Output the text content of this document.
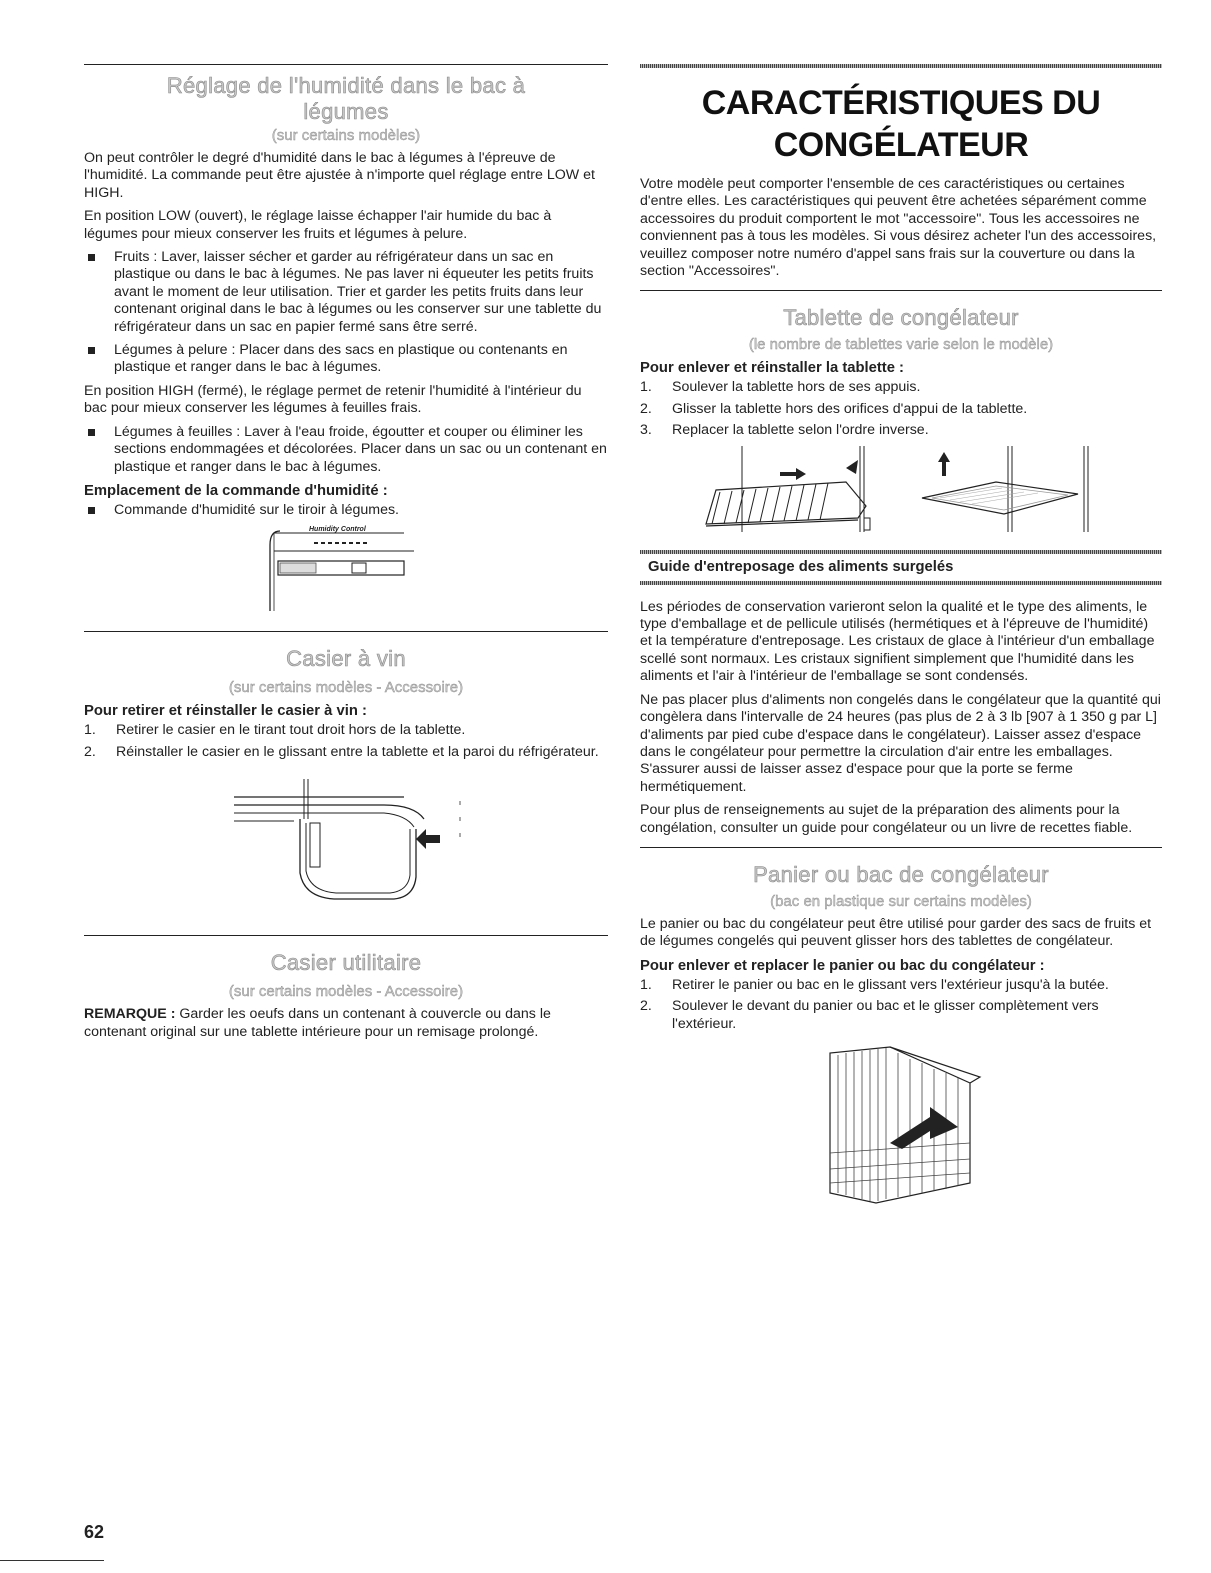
Réglage de l'humidité dans le bac à légumes
(sur certains modèles)

On peut contrôler le degré d'humidité dans le bac à légumes à l'épreuve de l'humidité. La commande peut être ajustée à n'importe quel réglage entre LOW et HIGH.

En position LOW (ouvert), le réglage laisse échapper l'air humide du bac à légumes pour mieux conserver les fruits et légumes à pelure.

Fruits : Laver, laisser sécher et garder au réfrigérateur dans un sac en plastique ou dans le bac à légumes. Ne pas laver ni équeuter les petits fruits avant le moment de leur utilisation. Trier et garder les petits fruits dans leur contenant original dans le bac à légumes ou les conserver sur une tablette du réfrigérateur dans un sac en papier fermé sans être serré.
Légumes à pelure : Placer dans des sacs en plastique ou contenants en plastique et ranger dans le bac à légumes.

En position HIGH (fermé), le réglage permet de retenir l'humidité à l'intérieur du bac pour mieux conserver les légumes à feuilles frais.

Légumes à feuilles : Laver à l'eau froide, égoutter et couper ou éliminer les sections endommagées et décolorées. Placer dans un sac ou un contenant en plastique et ranger dans le bac à légumes.
Emplacement de la commande d'humidité :
Commande d'humidité sur le tiroir à légumes.
Humidity Control
Casier à vin
(sur certains modèles - Accessoire)
Pour retirer et réinstaller le casier à vin :
1. Retirer le casier en le tirant tout droit hors de la tablette.
2. Réinstaller le casier en le glissant entre la tablette et la paroi du réfrigérateur.
Casier utilitaire
(sur certains modèles - Accessoire)

REMARQUE : Garder les oeufs dans un contenant à couvercle ou dans le contenant original sur une tablette intérieure pour un remisage prolongé.

CARACTÉRISTIQUES DU
CONGÉLATEUR

Votre modèle peut comporter l'ensemble de ces caractéristiques ou certaines d'entre elles. Les caractéristiques qui peuvent être achetées séparément comme accessoires du produit comportent le mot "accessoire". Tous les accessoires ne conviennent pas à tous les modèles. Si vous désirez acheter l'un des accessoires, veuillez composer notre numéro d'appel sans frais sur la couverture ou dans la section "Accessoires".

Tablette de congélateur
(le nombre de tablettes varie selon le modèle)
Pour enlever et réinstaller la tablette :
1. Soulever la tablette hors de ses appuis.
2. Glisser la tablette hors des orifices d'appui de la tablette.
3. Replacer la tablette selon l'ordre inverse.
Guide d'entreposage des aliments surgelés

Les périodes de conservation varieront selon la qualité et le type des aliments, le type d'emballage et de pellicule utilisés (hermétiques et à l'épreuve de l'humidité) et la température d'entreposage. Les cristaux de glace à l'intérieur d'un emballage scellé sont normaux. Les cristaux signifient simplement que l'humidité dans les aliments et l'air à l'intérieur de l'emballage se sont condensés.

Ne pas placer plus d'aliments non congelés dans le congélateur que la quantité qui congèlera dans l'intervalle de 24 heures (pas plus de 2 à 3 lb [907 à 1 350 g par L] d'aliments par pied cube d'espace dans le congélateur). Laisser assez d'espace dans le congélateur pour permettre la circulation d'air entre les emballages. S'assurer aussi de laisser assez d'espace pour que la porte se ferme hermétiquement.

Pour plus de renseignements au sujet de la préparation des aliments pour la congélation, consulter un guide pour congélateur ou un livre de recettes fiable.

Panier ou bac de congélateur
(bac en plastique sur certains modèles)

Le panier ou bac du congélateur peut être utilisé pour garder des sacs de fruits et de légumes congelés qui peuvent glisser hors des tablettes de congélateur.

Pour enlever et replacer le panier ou bac du congélateur :
1. Retirer le panier ou bac en le glissant vers l'extérieur jusqu'à la butée.
2. Soulever le devant du panier ou bac et le glisser complètement vers l'extérieur.
62
